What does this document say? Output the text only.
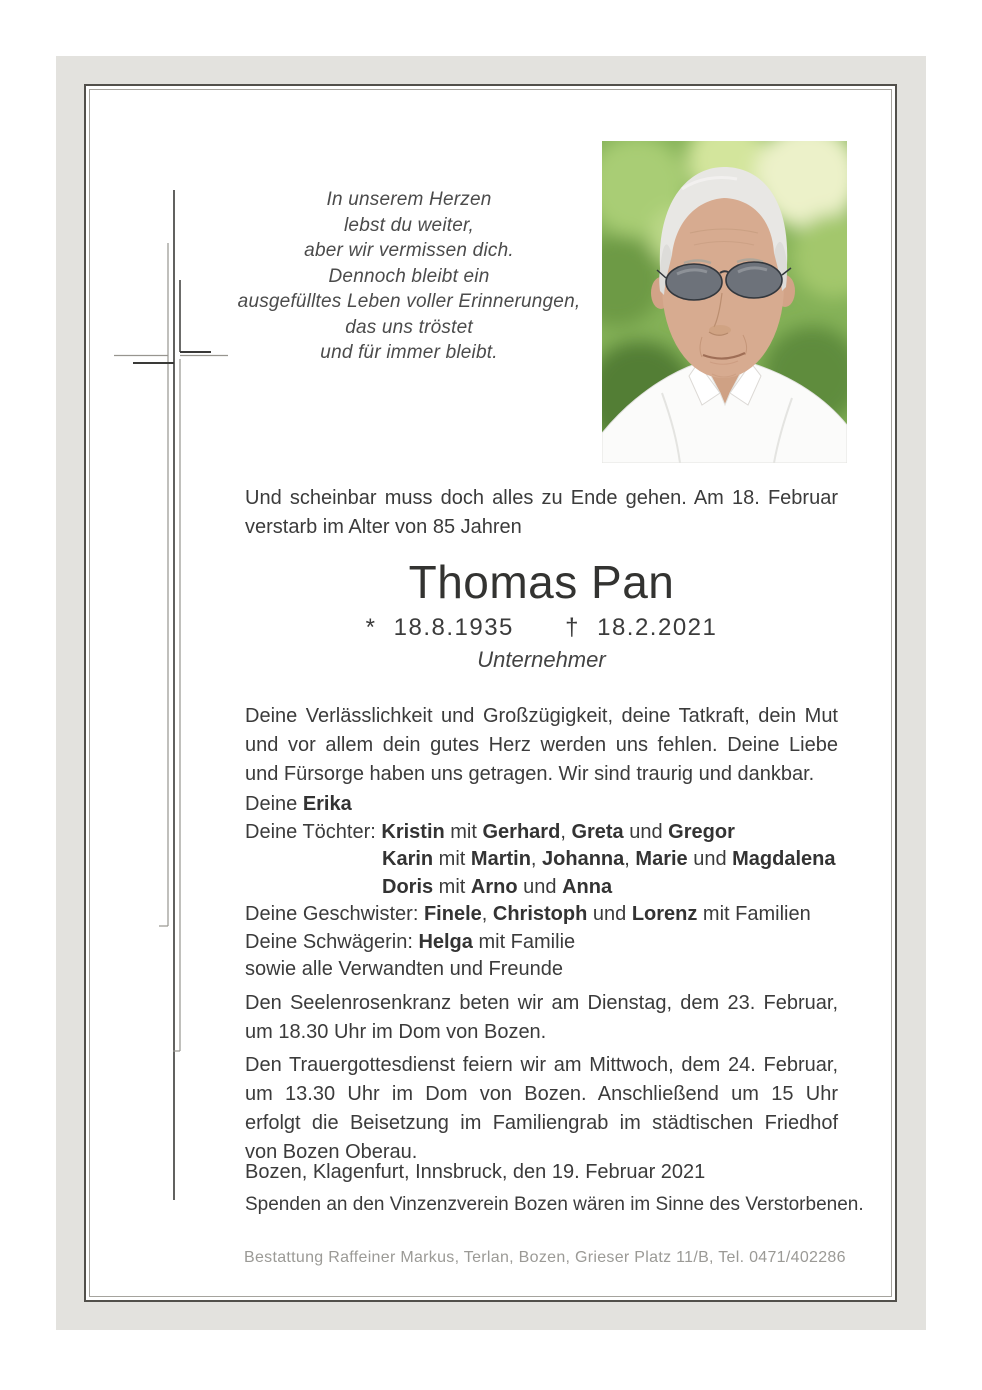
In unserem Herzen
lebst du weiter,
aber wir vermissen dich.
Dennoch bleibt ein
ausgefülltes Leben voller Erinnerungen,
das uns tröstet
und für immer bleibt.
Und scheinbar muss doch alles zu Ende gehen. Am 18. Februar
verstarb im Alter von 85 Jahren
Thomas Pan
* 18.8.1935 † 18.2.2021
Unternehmer
Deine Verlässlichkeit und Großzügigkeit, deine Tatkraft, dein Mut
und vor allem dein gutes Herz werden uns fehlen. Deine Liebe
und Fürsorge haben uns getragen. Wir sind traurig und dankbar.
Deine Erika
Deine Töchter: Kristin mit Gerhard, Greta und Gregor
Karin mit Martin, Johanna, Marie und Magdalena
Doris mit Arno und Anna
Deine Geschwister: Finele, Christoph und Lorenz mit Familien
Deine Schwägerin: Helga mit Familie
sowie alle Verwandten und Freunde
Den Seelenrosenkranz beten wir am Dienstag, dem 23. Februar,
um 18.30 Uhr im Dom von Bozen.
Den Trauergottesdienst feiern wir am Mittwoch, dem 24. Februar,
um 13.30 Uhr im Dom von Bozen. Anschließend um 15 Uhr
erfolgt die Beisetzung im Familiengrab im städtischen Friedhof
von Bozen Oberau.
Bozen, Klagenfurt, Innsbruck, den 19. Februar 2021
Spenden an den Vinzenzverein Bozen wären im Sinne des Verstorbenen.
Bestattung Raffeiner Markus, Terlan, Bozen, Grieser Platz 11/B, Tel. 0471/402286
